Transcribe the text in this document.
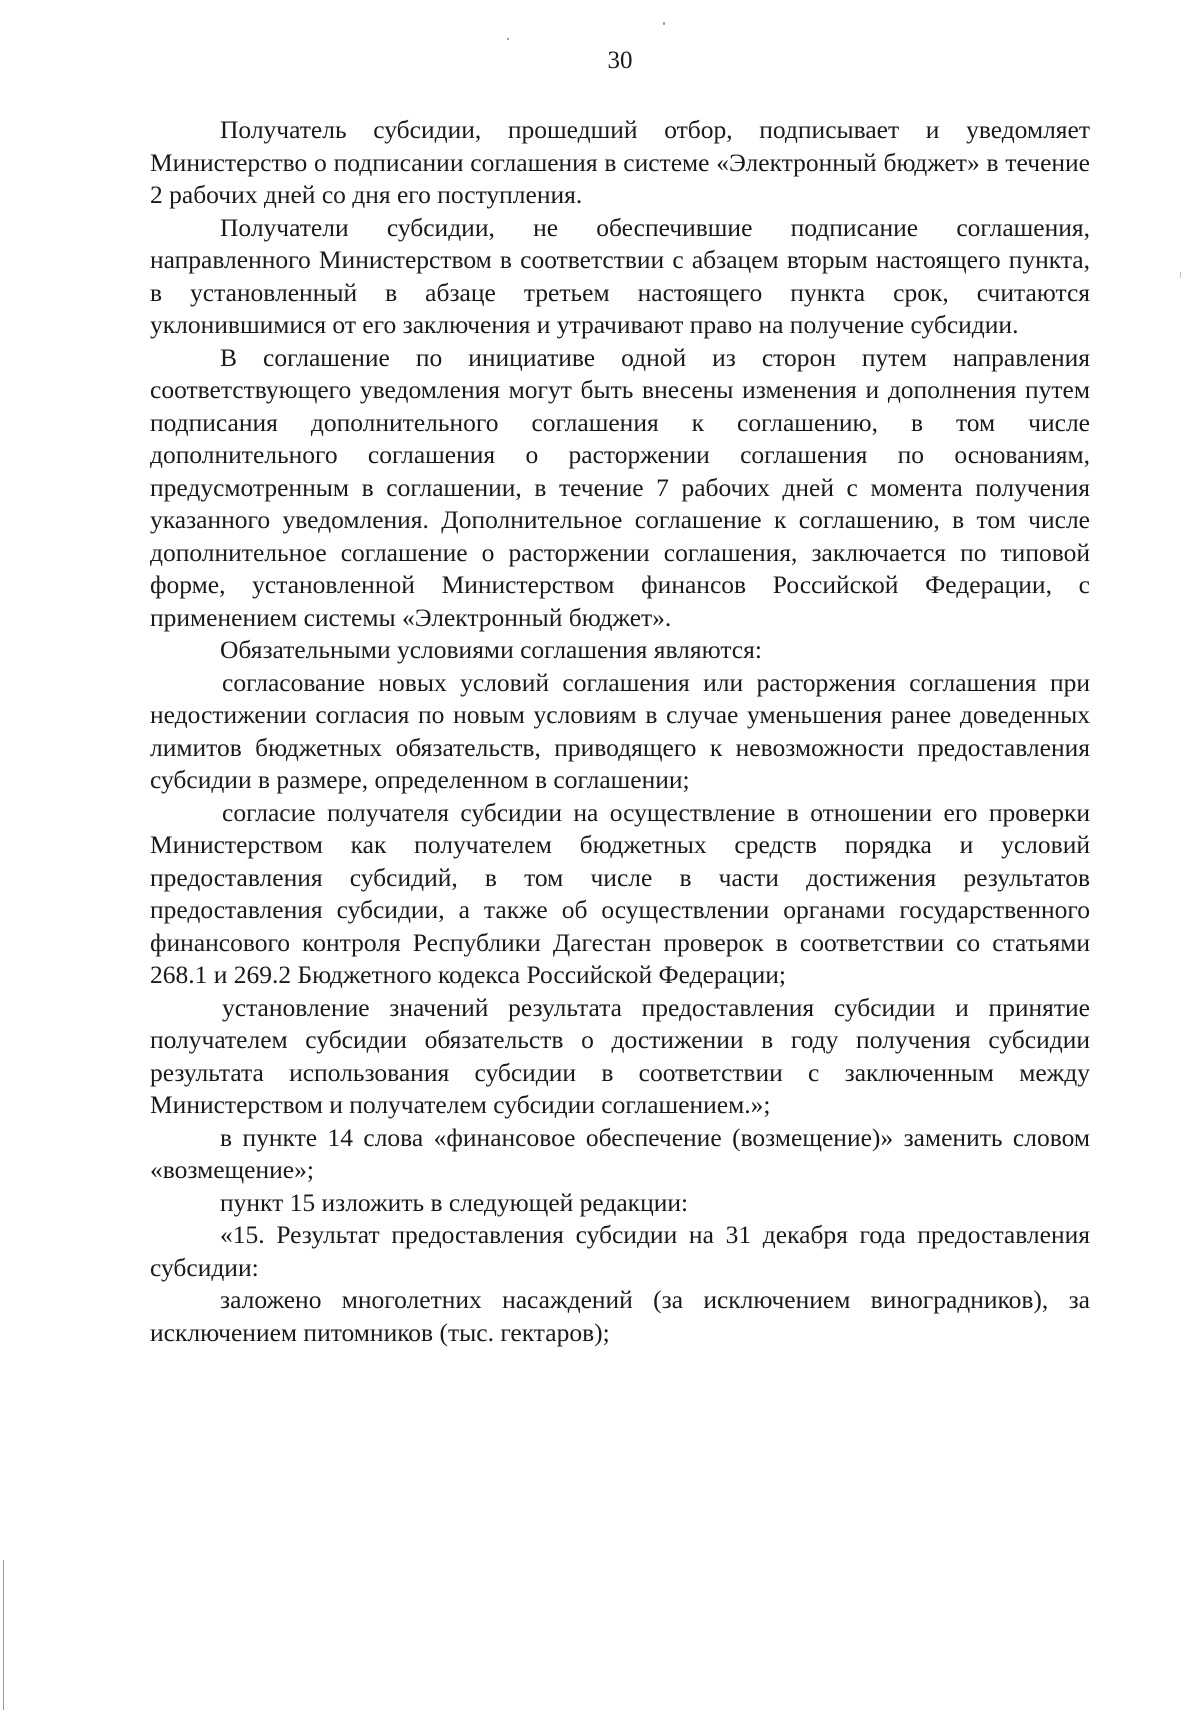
30

Получатель субсидии, прошедший отбор, подписывает и уведомляет Министерство о подписании соглашения в системе «Электронный бюджет» в течение 2 рабочих дней со дня его поступления.

Получатели субсидии, не обеспечившие подписание соглашения, направленного Министерством в соответствии с абзацем вторым настоящего пункта, в установленный в абзаце третьем настоящего пункта срок, считаются уклонившимися от его заключения и утрачивают право на получение субсидии.

В соглашение по инициативе одной из сторон путем направления соответствующего уведомления могут быть внесены изменения и дополнения путем подписания дополнительного соглашения к соглашению, в том числе дополнительного соглашения о расторжении соглашения по основаниям, предусмотренным в соглашении, в течение 7 рабочих дней с момента получения указанного уведомления. Дополнительное соглашение к соглашению, в том числе дополнительное соглашение о расторжении соглашения, заключается по типовой форме, установленной Министерством финансов Российской Федерации, с применением системы «Электронный бюджет».

Обязательными условиями соглашения являются:

согласование новых условий соглашения или расторжения соглашения при недостижении согласия по новым условиям в случае уменьшения ранее доведенных лимитов бюджетных обязательств, приводящего к невозможности предоставления субсидии в размере, определенном в соглашении;

согласие получателя субсидии на осуществление в отношении его проверки Министерством как получателем бюджетных средств порядка и условий предоставления субсидий, в том числе в части достижения результатов предоставления субсидии, а также об осуществлении органами государственного финансового контроля Республики Дагестан проверок в соответствии со статьями 268.1 и 269.2 Бюджетного кодекса Российской Федерации;

установление значений результата предоставления субсидии и принятие получателем субсидии обязательств о достижении в году получения субсидии результата использования субсидии в соответствии с заключенным между Министерством и получателем субсидии соглашением.»;

в пункте 14 слова «финансовое обеспечение (возмещение)» заменить словом «возмещение»;

пункт 15 изложить в следующей редакции:

«15. Результат предоставления субсидии на 31 декабря года предоставления субсидии:

заложено многолетних насаждений (за исключением виноградников), за исключением питомников (тыс. гектаров);
